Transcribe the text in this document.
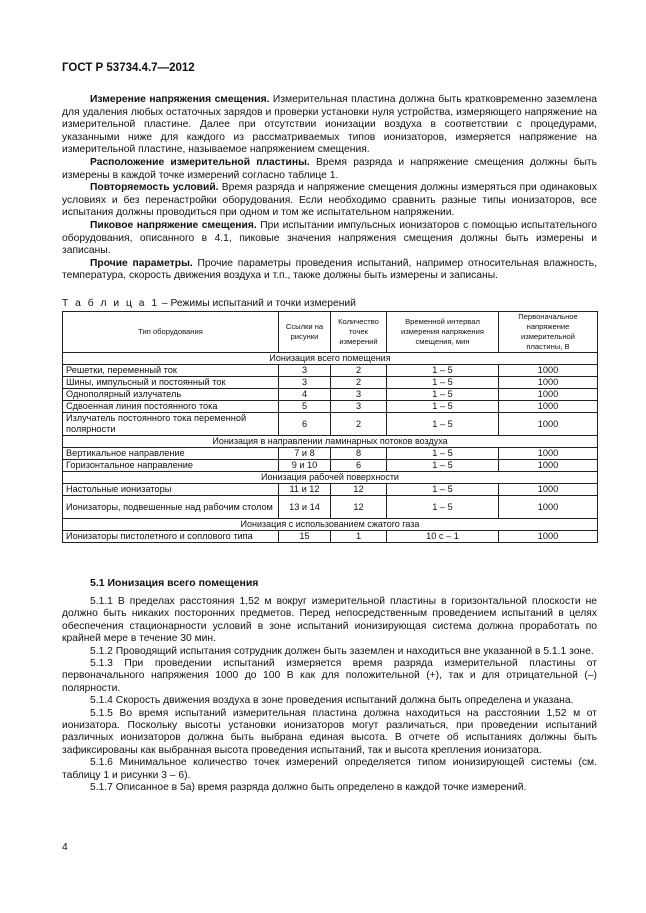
ГОСТ Р 53734.4.7—2012

Измерение напряжения смещения. Измерительная пластина должна быть кратковременно заземлена для удаления любых остаточных зарядов и проверки установки нуля устройства, измеряющего напряжение на измерительной пластине. Далее при отсутствии ионизации воздуха в соответствии с процедурами, указанными ниже для каждого из рассматриваемых типов ионизаторов, измеряется напряжение на измерительной пластине, называемое напряжением смещения.

Расположение измерительной пластины. Время разряда и напряжение смещения должны быть измерены в каждой точке измерений согласно таблице 1.

Повторяемость условий. Время разряда и напряжение смещения должны измеряться при одинаковых условиях и без перенастройки оборудования. Если необходимо сравнить разные типы ионизаторов, все испытания должны проводиться при одном и том же испытательном напряжении.

Пиковое напряжение смещения. При испытании импульсных ионизаторов с помощью испытательного оборудования, описанного в 4.1, пиковые значения напряжения смещения должны быть измерены и записаны.

Прочие параметры. Прочие параметры проведения испытаний, например относительная влажность, температура, скорость движения воздуха и т.п., также должны быть измерены и записаны.

Т а б л и ц а 1 – Режимы испытаний и точки измерений
Тип оборудования	Ссылки на рисунки	Количество точек измерений	Временной интервал измерения напряжения смещения, мин	Первоначальное напряжение измерительной пластины, В
Ионизация всего помещения				
Решетки, переменный ток	3	2	1 – 5	1000
Шины, импульсный и постоянный ток	3	2	1 – 5	1000
Однополярный излучатель	4	3	1 – 5	1000
Сдвоенная линия постоянного тока	5	3	1 – 5	1000
Излучатель постоянного тока переменной полярности	6	2	1 – 5	1000
Ионизация в направлении ламинарных потоков воздуха				
Вертикальное направление	7 и 8	8	1 – 5	1000
Горизонтальное направление	9 и 10	6	1 – 5	1000
Ионизация рабочей поверхности				
Настольные ионизаторы	11 и 12	12	1 – 5	1000
Ионизаторы, подвешенные над рабочим столом	13 и 14	12	1 – 5	1000
Ионизация с использованием сжатого газа				
Ионизаторы пистолетного и соплового типа	15	1	10 с – 1	1000
5.1 Ионизация всего помещения

5.1.1 В пределах расстояния 1,52 м вокруг измерительной пластины в горизонтальной плоскости не должно быть никаких посторонних предметов. Перед непосредственным проведением испытаний в целях обеспечения стационарности условий в зоне испытаний ионизирующая система должна проработать по крайней мере в течение 30 мин.

5.1.2 Проводящий испытания сотрудник должен быть заземлен и находиться вне указанной в 5.1.1 зоне.

5.1.3 При проведении испытаний измеряется время разряда измерительной пластины от первоначального напряжения 1000 до 100 В как для положительной (+), так и для отрицательной (–) полярности.

5.1.4 Скорость движения воздуха в зоне проведения испытаний должна быть определена и указана.

5.1.5 Во время испытаний измерительная пластина должна находиться на расстоянии 1,52 м от ионизатора. Поскольку высоты установки ионизаторов могут различаться, при проведении испытаний различных ионизаторов должна быть выбрана единая высота. В отчете об испытаниях должны быть зафиксированы как выбранная высота проведения испытаний, так и высота крепления ионизатора.

5.1.6 Минимальное количество точек измерений определяется типом ионизирующей системы (см. таблицу 1 и рисунки 3 – 6).

5.1.7 Описанное в 5а) время разряда должно быть определено в каждой точке измерений.

4
